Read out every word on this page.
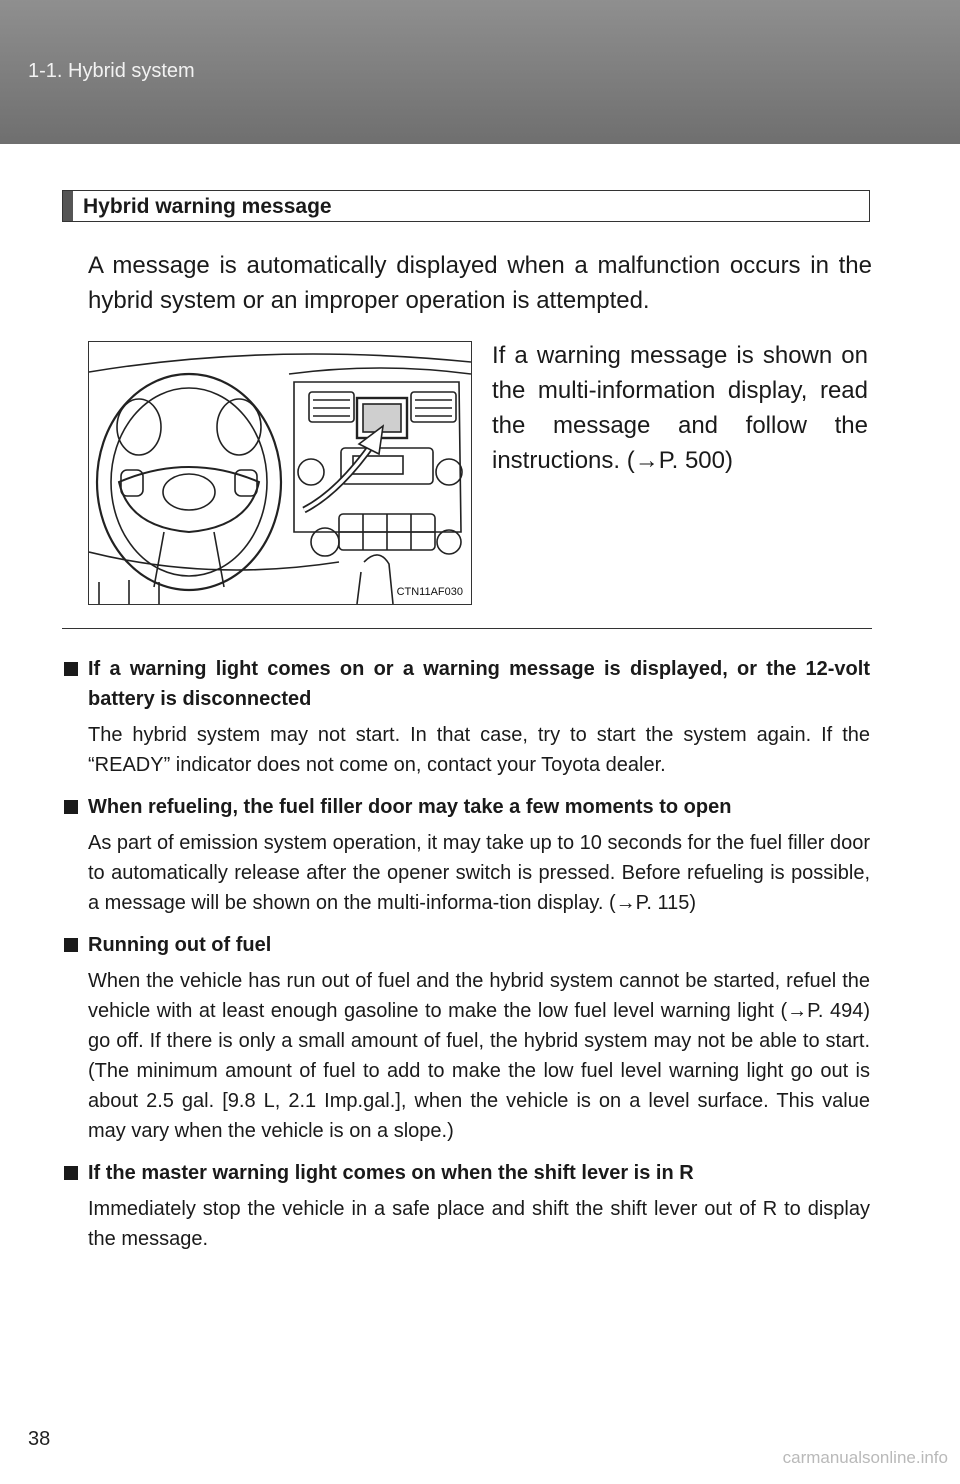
1-1. Hybrid system
Hybrid warning message
A message is automatically displayed when a malfunction occurs in the hybrid system or an improper operation is attempted.
CTN11AF030
If a warning message is shown on the multi-information display, read the message and follow the instructions. (→P. 500)
If a warning light comes on or a warning message is displayed, or the 12-volt battery is disconnected
The hybrid system may not start. In that case, try to start the system again. If the “READY” indicator does not come on, contact your Toyota dealer.
When refueling, the fuel filler door may take a few moments to open
As part of emission system operation, it may take up to 10 seconds for the fuel filler door to automatically release after the opener switch is pressed. Before refueling is possible, a message will be shown on the multi-informa-tion display. (→P. 115)
Running out of fuel
When the vehicle has run out of fuel and the hybrid system cannot be started, refuel the vehicle with at least enough gasoline to make the low fuel level warning light (→P. 494) go off. If there is only a small amount of fuel, the hybrid system may not be able to start. (The minimum amount of fuel to add to make the low fuel level warning light go out is about 2.5 gal. [9.8 L, 2.1 Imp.gal.], when the vehicle is on a level surface. This value may vary when the vehicle is on a slope.)
If the master warning light comes on when the shift lever is in R
Immediately stop the vehicle in a safe place and shift the shift lever out of R to display the message.
38
carmanualsonline.info
